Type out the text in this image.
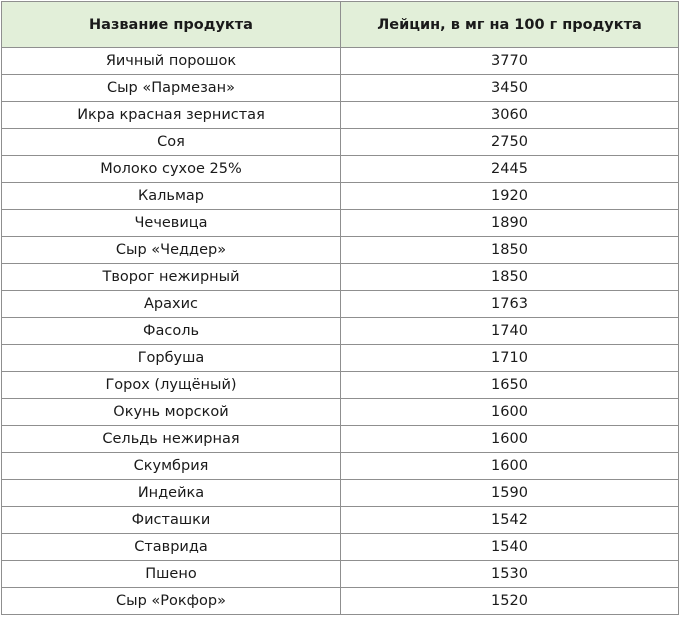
Название продукта	Лейцин, в мг на 100 г продукта
Яичный порошок	3770
Сыр «Пармезан»	3450
Икра красная зернистая	3060
Соя	2750
Молоко сухое 25%	2445
Кальмар	1920
Чечевица	1890
Сыр «Чеддер»	1850
Творог нежирный	1850
Арахис	1763
Фасоль	1740
Горбуша	1710
Горох (лущёный)	1650
Окунь морской	1600
Сельдь нежирная	1600
Скумбрия	1600
Индейка	1590
Фисташки	1542
Ставрида	1540
Пшено	1530
Сыр «Рокфор»	1520
